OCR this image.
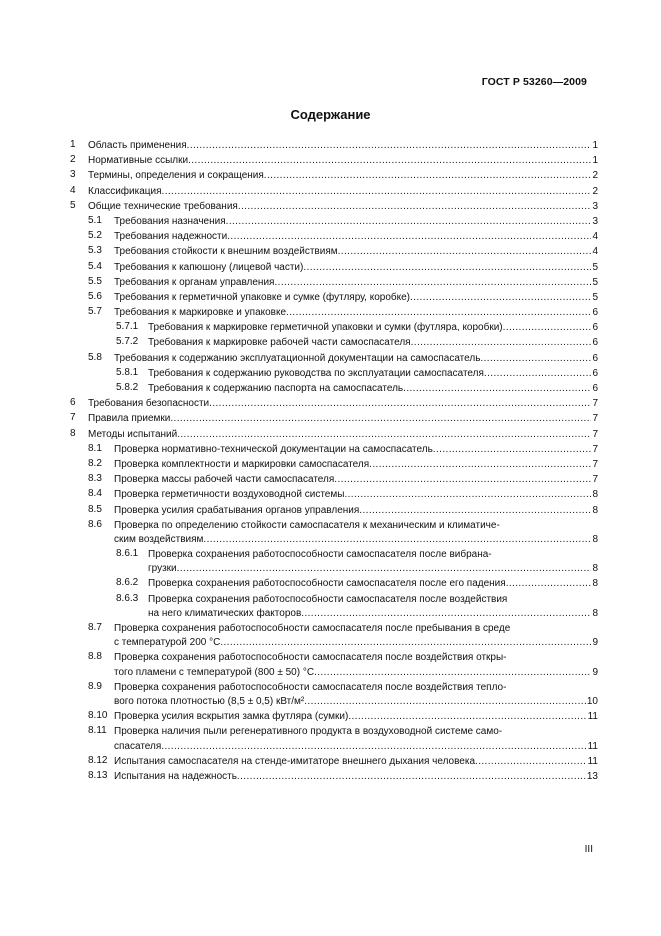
ГОСТ Р 53260—2009
Содержание
1	Область применения .....	1
2	Нормативные ссылки .....	1
3	Термины, определения и сокращения .....	2
4	Классификация .....	2
5	Общие технические требования .....	3
5.1	Требования назначения .....	3
5.2	Требования надежности .....	4
5.3	Требования стойкости к внешним воздействиям .....	4
5.4	Требования к капюшону (лицевой части) .....	5
5.5	Требования к органам управления .....	5
5.6	Требования к герметичной упаковке и сумке (футляру, коробке) .....	5
5.7	Требования к маркировке и упаковке .....	6
5.7.1 Требования к маркировке герметичной упаковки и сумки (футляра, коробки) .....	6
5.7.2 Требования к маркировке рабочей части самоспасателя .....	6
5.8	Требования к содержанию эксплуатационной документации на самоспасатель .....	6
5.8.1 Требования к содержанию руководства по эксплуатации самоспасателя .....	6
5.8.2 Требования к содержанию паспорта на самоспасатель .....	6
6	Требования безопасности .....	7
7	Правила приемки .....	7
8	Методы испытаний .....	7
8.1	Проверка нормативно-технической документации на самоспасатель .....	7
8.2	Проверка комплектности и маркировки самоспасателя .....	7
8.3	Проверка массы рабочей части самоспасателя .....	7
8.4	Проверка герметичности воздуховодной системы .....	8
8.5	Проверка усилия срабатывания органов управления .....	8
8.6	Проверка по определению стойкости самоспасателя к механическим и климатиче-
ским воздействиям .....	8
8.6.1 Проверка сохранения работоспособности самоспасателя после вибрана-
грузки .....	8
8.6.2 Проверка сохранения работоспособности самоспасателя после его падения .....	8
8.6.3 Проверка сохранения работоспособности самоспасателя после воздействия
на него климатических факторов .....	8
8.7	Проверка сохранения работоспособности самоспасателя после пребывания в среде
с температурой 200 °С .....	9
8.8	Проверка сохранения работоспособности самоспасателя после воздействия откры-
того пламени с температурой (800 ± 50) °С .....	9
8.9	Проверка сохранения работоспособности самоспасателя после воздействия тепло-
вого потока плотностью (8,5 ± 0,5) кВт/м² .....	10
8.10 Проверка усилия вскрытия замка футляра (сумки) .....	11
8.11 Проверка наличия пыли регенеративного продукта в воздуховодной системе само-
спасателя .....	11
8.12 Испытания самоспасателя на стенде-имитаторе внешнего дыхания человека .....	11
8.13 Испытания на надежность .....	13
III
